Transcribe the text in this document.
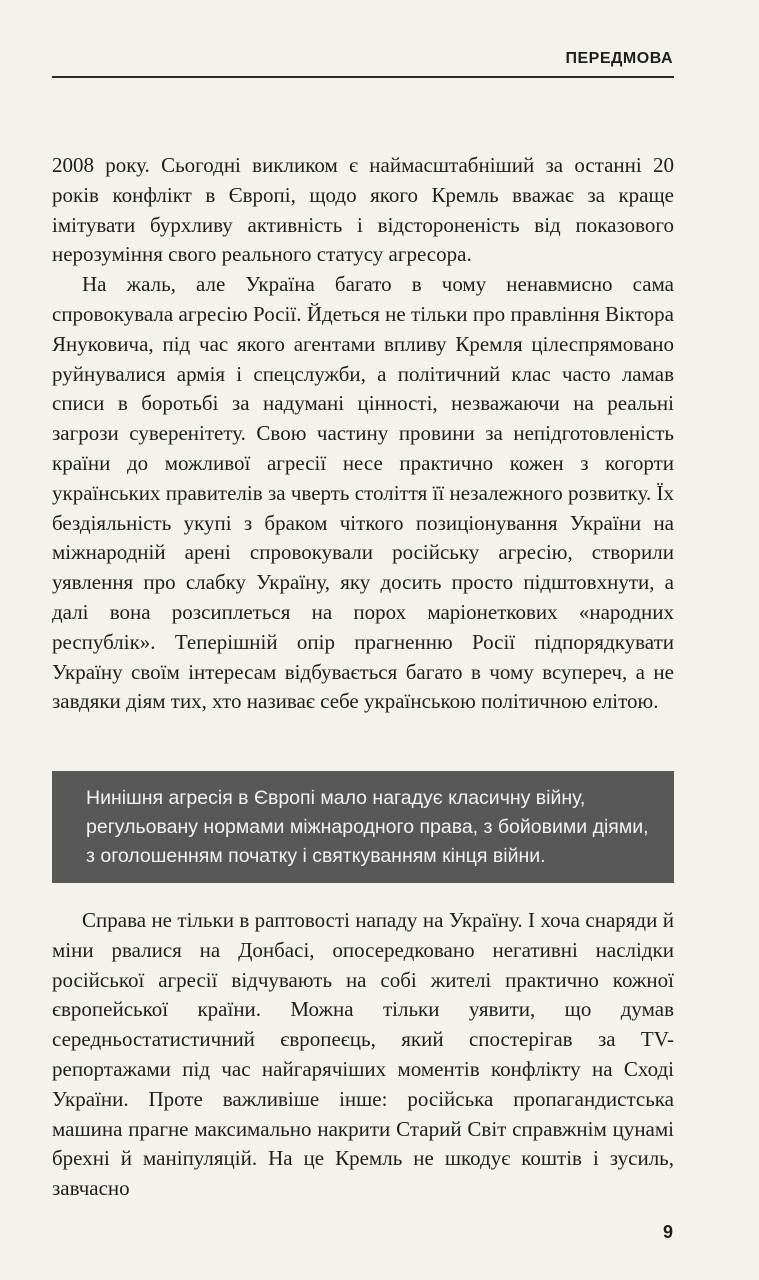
ПЕРЕДМОВА

2008 року. Сьогодні викликом є наймасштабніший за останні 20 років конфлікт в Європі, щодо якого Кремль вважає за краще імітувати бурхливу активність і відстороненість від показового нерозуміння свого реального статусу агресора.

На жаль, але Україна багато в чому ненавмисно сама спровокувала агресію Росії. Йдеться не тільки про правління Віктора Януковича, під час якого агентами впливу Кремля цілеспрямовано руйнувалися армія і спецслужби, а політичний клас часто ламав списи в боротьбі за надумані цінності, незважаючи на реальні загрози суверенітету. Свою частину провини за непідготовленість країни до можливої агресії несе практично кожен з когорти українських правителів за чверть століття її незалежного розвитку. Їх бездіяльність укупі з браком чіткого позиціонування України на міжнародній арені спровокували російську агресію, створили уявлення про слабку Україну, яку досить просто підштовхнути, а далі вона розсиплеться на порох маріонеткових «народних республік». Теперішній опір прагненню Росії підпорядкувати Україну своїм інтересам відбувається багато в чому всупереч, а не завдяки діям тих, хто називає себе українською політичною елітою.

Нинішня агресія в Європі мало нагадує класичну війну, регульовану нормами міжнародного права, з бойовими діями, з оголошенням початку і святкуванням кінця війни.

Справа не тільки в раптовості нападу на Україну. І хоча снаряди й міни рвалися на Донбасі, опосередковано негативні наслідки російської агресії відчувають на собі жителі практично кожної європейської країни. Можна тільки уявити, що думав середньостатистичний європеєць, який спостерігав за TV-репортажами під час найгарячіших моментів конфлікту на Сході України. Проте важливіше інше: російська пропагандистська машина прагне максимально накрити Старий Світ справжнім цунамі брехні й маніпуляцій. На це Кремль не шкодує коштів і зусиль, завчасно

9
